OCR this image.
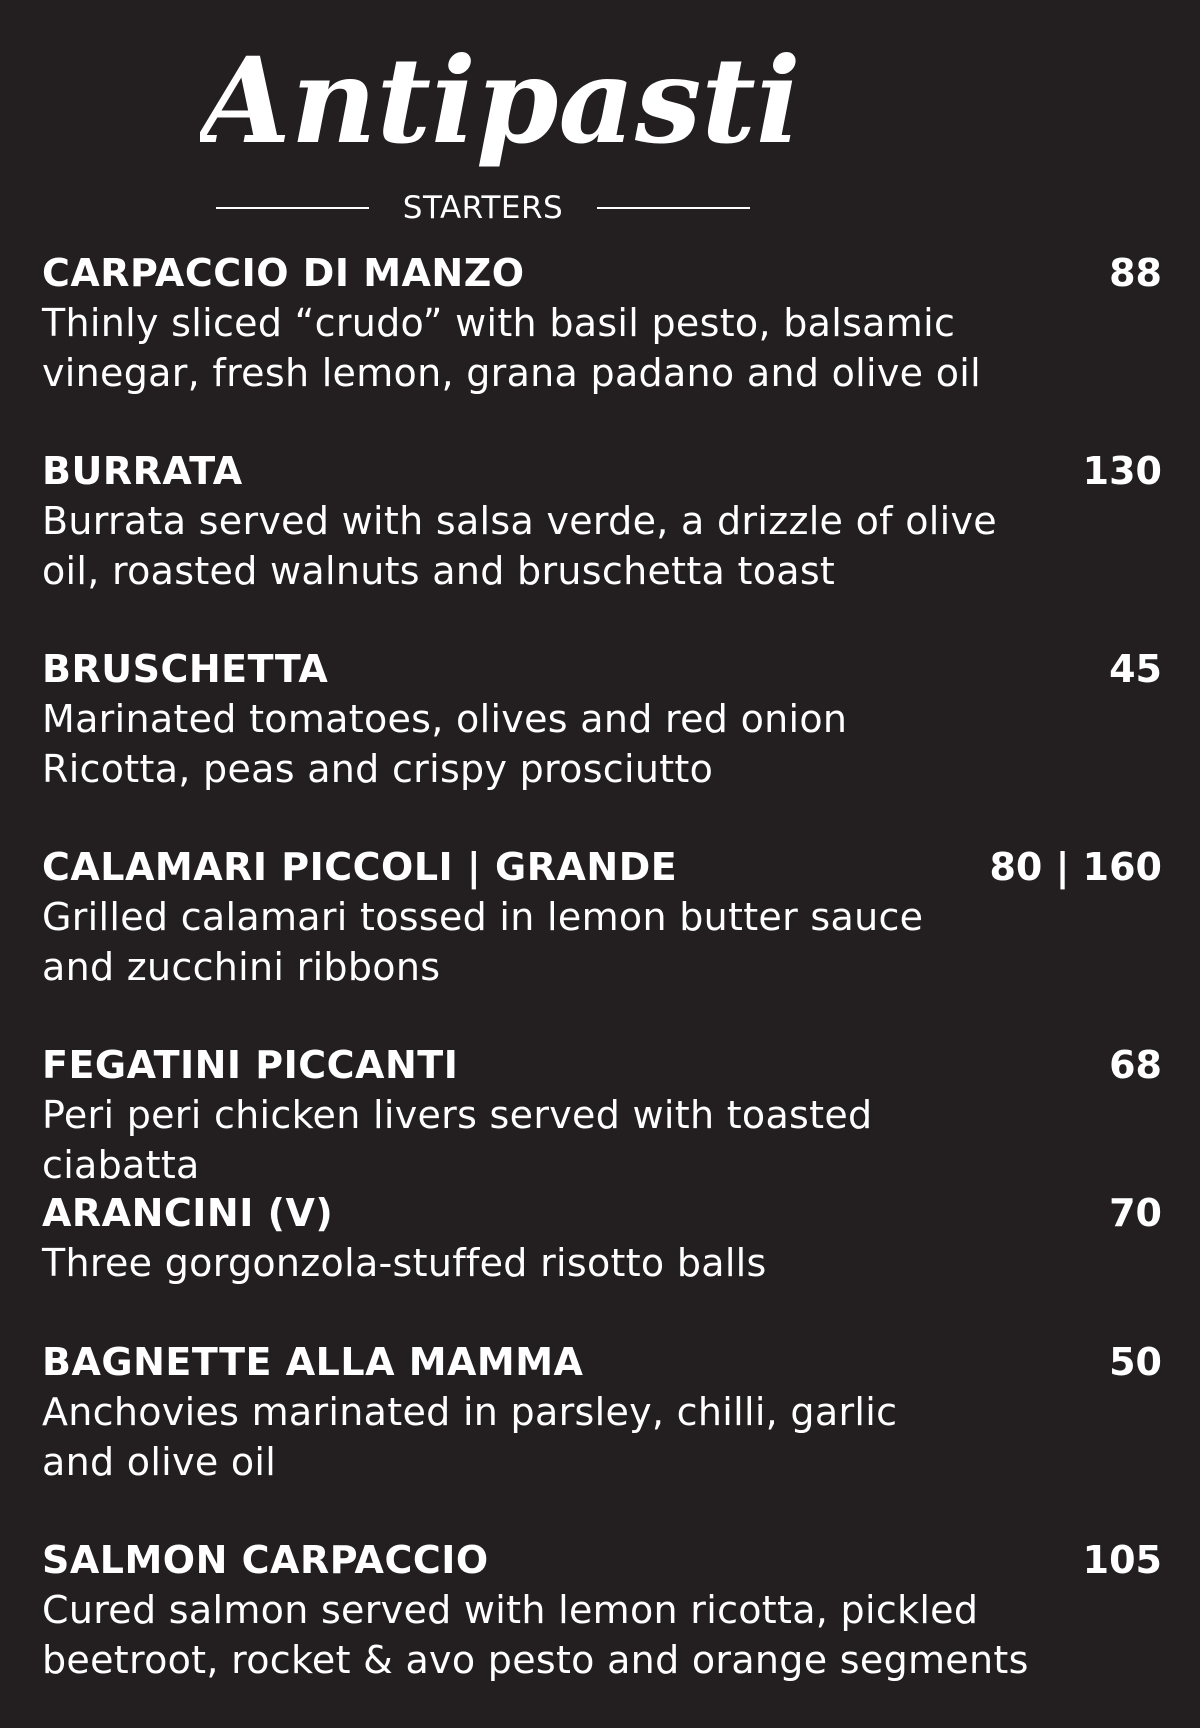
Antipasti
STARTERS
CARPACCIO DI MANZO	88
Thinly sliced “crudo” with basil pesto, balsamic
vinegar, fresh lemon, grana padano and olive oil
BURRATA	130
Burrata served with salsa verde, a drizzle of olive
oil, roasted walnuts and bruschetta toast
BRUSCHETTA	45
Marinated tomatoes, olives and red onion
Ricotta, peas and crispy prosciutto
CALAMARI PICCOLI | GRANDE	80 | 160
Grilled calamari tossed in lemon butter sauce
and zucchini ribbons
FEGATINI PICCANTI	68
Peri peri chicken livers served with toasted ciabatta
ARANCINI (V)	70
Three gorgonzola-stuffed risotto balls
BAGNETTE ALLA MAMMA	50
Anchovies marinated in parsley, chilli, garlic
and olive oil
SALMON CARPACCIO	105
Cured salmon served with lemon ricotta, pickled
beetroot, rocket & avo pesto and orange segments
